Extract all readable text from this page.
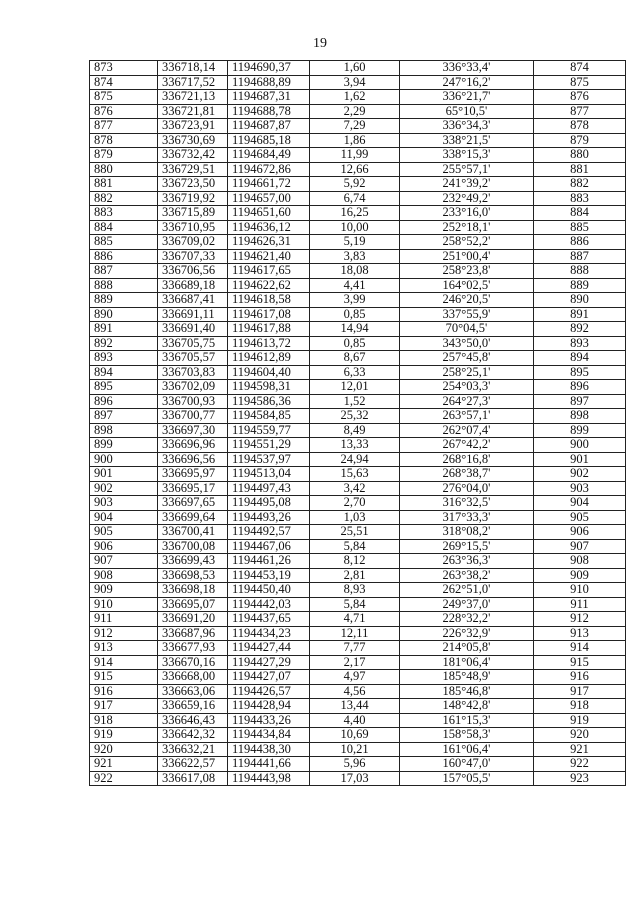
19
873	336718,14	1194690,37	1,60	336°33,4'	874
874	336717,52	1194688,89	3,94	247°16,2'	875
875	336721,13	1194687,31	1,62	336°21,7'	876
876	336721,81	1194688,78	2,29	65°10,5'	877
877	336723,91	1194687,87	7,29	336°34,3'	878
878	336730,69	1194685,18	1,86	338°21,5'	879
879	336732,42	1194684,49	11,99	338°15,3'	880
880	336729,51	1194672,86	12,66	255°57,1'	881
881	336723,50	1194661,72	5,92	241°39,2'	882
882	336719,92	1194657,00	6,74	232°49,2'	883
883	336715,89	1194651,60	16,25	233°16,0'	884
884	336710,95	1194636,12	10,00	252°18,1'	885
885	336709,02	1194626,31	5,19	258°52,2'	886
886	336707,33	1194621,40	3,83	251°00,4'	887
887	336706,56	1194617,65	18,08	258°23,8'	888
888	336689,18	1194622,62	4,41	164°02,5'	889
889	336687,41	1194618,58	3,99	246°20,5'	890
890	336691,11	1194617,08	0,85	337°55,9'	891
891	336691,40	1194617,88	14,94	70°04,5'	892
892	336705,75	1194613,72	0,85	343°50,0'	893
893	336705,57	1194612,89	8,67	257°45,8'	894
894	336703,83	1194604,40	6,33	258°25,1'	895
895	336702,09	1194598,31	12,01	254°03,3'	896
896	336700,93	1194586,36	1,52	264°27,3'	897
897	336700,77	1194584,85	25,32	263°57,1'	898
898	336697,30	1194559,77	8,49	262°07,4'	899
899	336696,96	1194551,29	13,33	267°42,2'	900
900	336696,56	1194537,97	24,94	268°16,8'	901
901	336695,97	1194513,04	15,63	268°38,7'	902
902	336695,17	1194497,43	3,42	276°04,0'	903
903	336697,65	1194495,08	2,70	316°32,5'	904
904	336699,64	1194493,26	1,03	317°33,3'	905
905	336700,41	1194492,57	25,51	318°08,2'	906
906	336700,08	1194467,06	5,84	269°15,5'	907
907	336699,43	1194461,26	8,12	263°36,3'	908
908	336698,53	1194453,19	2,81	263°38,2'	909
909	336698,18	1194450,40	8,93	262°51,0'	910
910	336695,07	1194442,03	5,84	249°37,0'	911
911	336691,20	1194437,65	4,71	228°32,2'	912
912	336687,96	1194434,23	12,11	226°32,9'	913
913	336677,93	1194427,44	7,77	214°05,8'	914
914	336670,16	1194427,29	2,17	181°06,4'	915
915	336668,00	1194427,07	4,97	185°48,9'	916
916	336663,06	1194426,57	4,56	185°46,8'	917
917	336659,16	1194428,94	13,44	148°42,8'	918
918	336646,43	1194433,26	4,40	161°15,3'	919
919	336642,32	1194434,84	10,69	158°58,3'	920
920	336632,21	1194438,30	10,21	161°06,4'	921
921	336622,57	1194441,66	5,96	160°47,0'	922
922	336617,08	1194443,98	17,03	157°05,5'	923
